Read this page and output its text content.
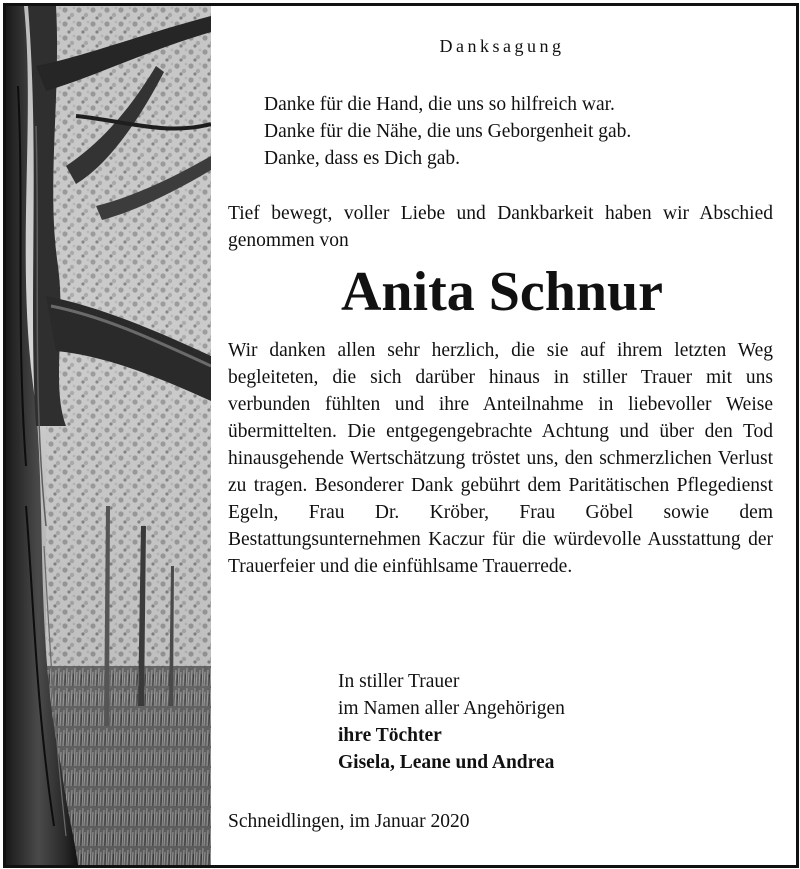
Danksagung
Danke für die Hand, die uns so hilfreich war.
Danke für die Nähe, die uns Geborgenheit gab.
Danke, dass es Dich gab.

Tief bewegt, voller Liebe und Dankbarkeit haben wir Abschied genommen von

Anita Schnur

Wir danken allen sehr herzlich, die sie auf ihrem letzten Weg begleiteten, die sich darüber hinaus in stiller Trauer mit uns verbunden fühlten und ihre Anteilnahme in liebevoller Weise übermittelten. Die entgegengebrachte Achtung und über den Tod hinausgehende Wertschätzung tröstet uns, den schmerzlichen Verlust zu tragen. Besonderer Dank gebührt dem Paritätischen Pflegedienst Egeln, Frau Dr. Kröber, Frau Göbel sowie dem Bestattungsunternehmen Kaczur für die würdevolle Ausstattung der Trauerfeier und die einfühlsame Trauerrede.

In stiller Trauer
im Namen aller Angehörigen
ihre Töchter
Gisela, Leane und Andrea

Schneidlingen, im Januar 2020
